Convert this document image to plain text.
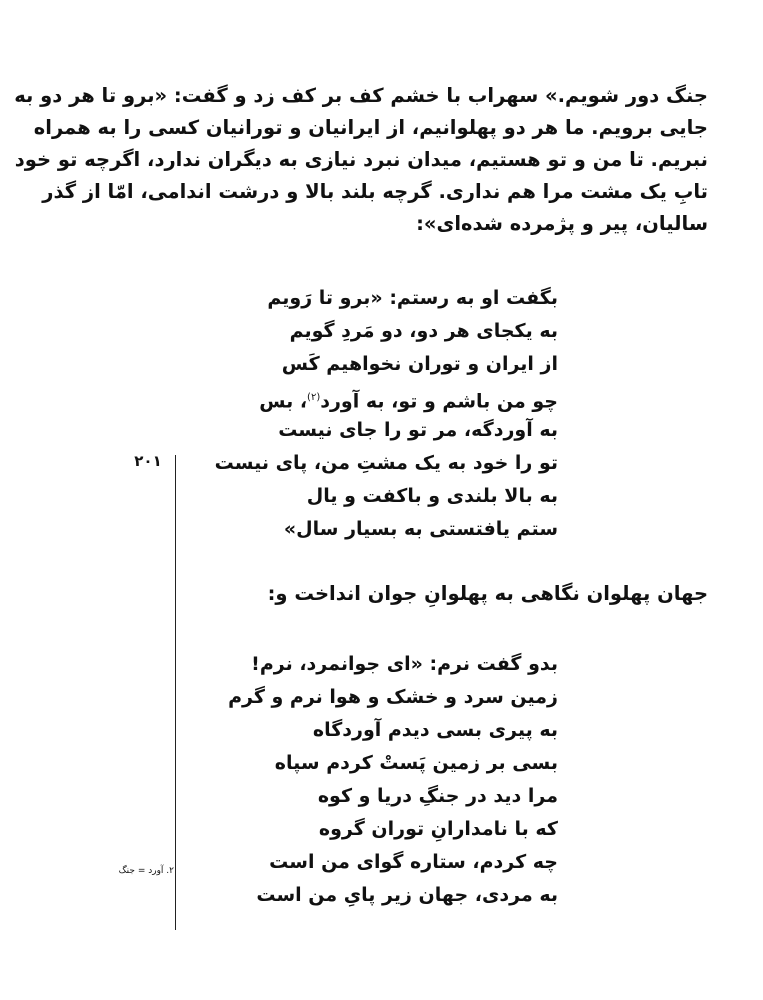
جنگ دور شویم.» سهراب با خشم کف بر کف زد و گفت: «برو تا هر دو به
جایی برویم. ما هر دو پهلوانیم، از ایرانیان و تورانیان کسی را به همراه
نبریم. تا من و تو هستیم، میدان نبرد نیازی به دیگران ندارد، اگرچه تو خود
تابِ یک مشت مرا هم نداری. گرچه بلند بالا و درشت اندامی، امّا از گذر
سالیان، پیر و پژمرده شده‌ای»:
بگفت او به رستم: «برو تا رَویم
به یکجای هر دو، دو مَردِ گویم
از ایران و توران نخواهیم کَس
چو من باشم و تو، به آورد$^{(۲)}$، بس
به آوردگه، مر تو را جای نیست
تو را خود به یک مشتِ من، پای نیست
به بالا بلندی و باکفت و یال
ستم یافتستی به بسیار سال»

جهان پهلوان نگاهی به پهلوانِ جوان انداخت و:

بدو گفت نرم: «ای جوانمرد، نرم!
زمین سرد و خشک و هوا نرم و گرم
به پیری بسی دیدم آوردگاه
بسی بر زمین پَستْ کردم سپاه
مرا دید در جنگِ دریا و کوه
که با نامدارانِ توران گروه
چه کردم، ستاره گوای من است
به مردی، جهان زیر پایِ من است
۲۰۱
۲. آورد = جنگ
